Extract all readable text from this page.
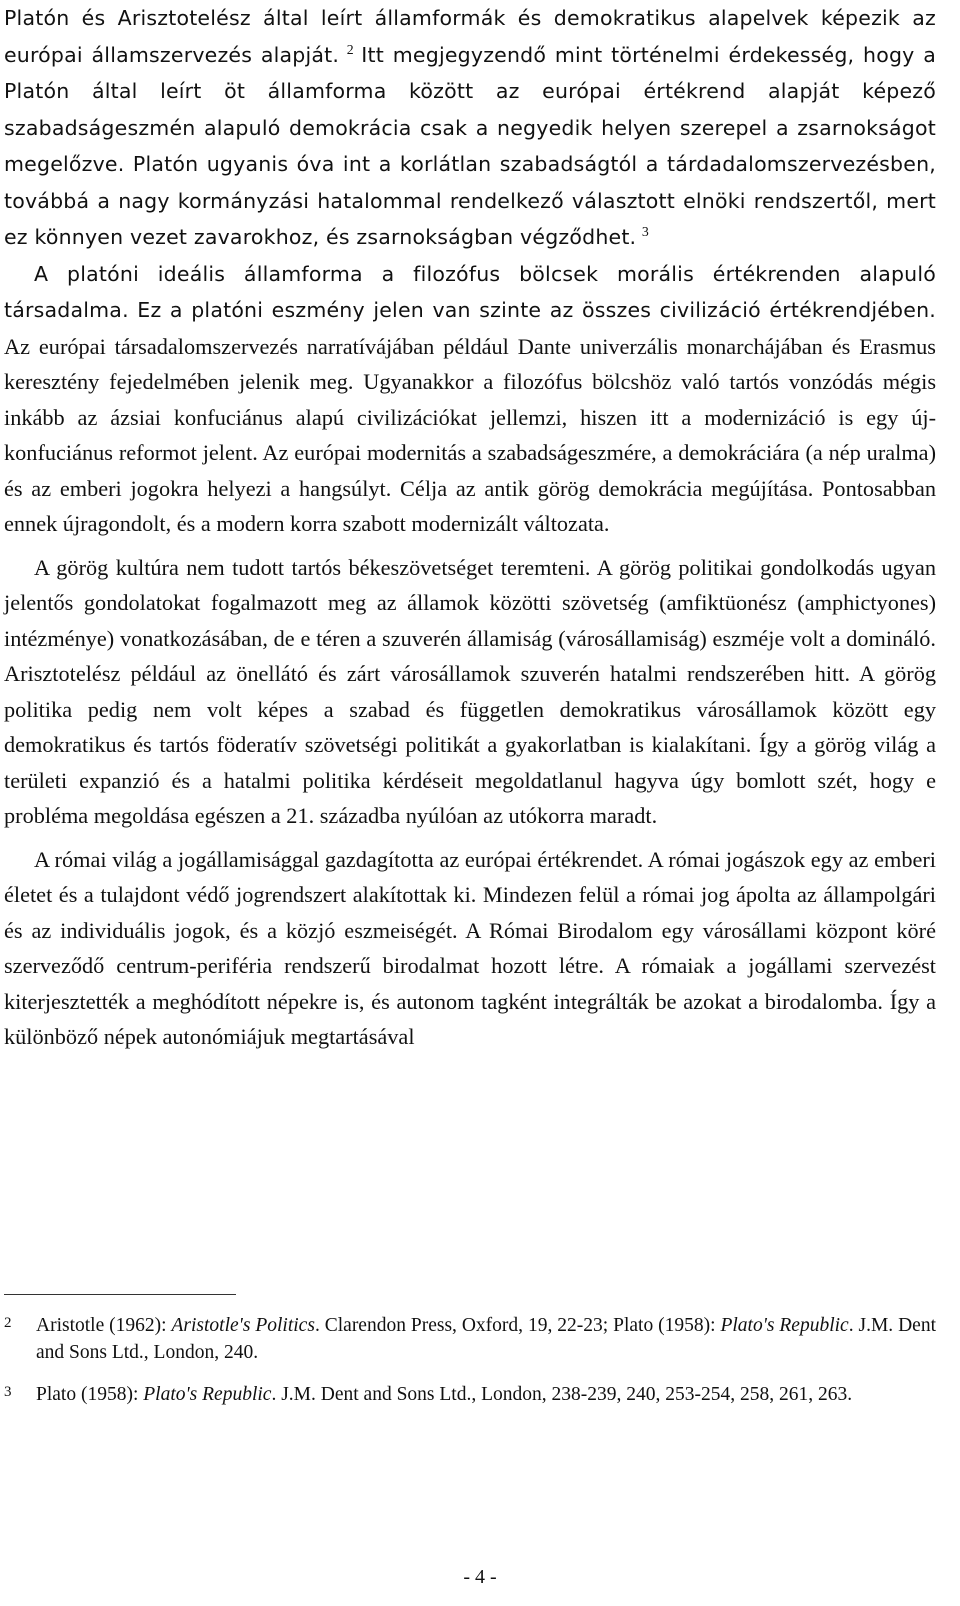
Platón és Arisztotelész által leírt államformák és demokratikus alapelvek képezik az európai államszervezés alapját. $^2$ Itt megjegyzendő mint történelmi érdekesség, hogy a Platón által leírt öt államforma között az európai értékrend alapját képező szabadságeszmén alapuló demokrácia csak a negyedik helyen szerepel a zsarnokságot megelőzve. Platón ugyanis óva int a korlátlan szabadságtól a tárdadalomszervezésben, továbbá a nagy kormányzási hatalommal rendelkező választott elnöki rendszertől, mert ez könnyen vezet zavarokhoz, és zsarnokságban végződhet. $^3$

A platóni ideális államforma a filozófus bölcsek morális értékrenden alapuló társadalma. Ez a platóni eszmény jelen van szinte az összes civilizáció értékrendjében. Az európai társadalomszervezés narratívájában például Dante univerzális monarchájában és Erasmus keresztény fejedelmében jelenik meg. Ugyanakkor a filozófus bölcshöz való tartós vonzódás mégis inkább az ázsiai konfuciánus alapú civilizációkat jellemzi, hiszen itt a modernizáció is egy új-konfuciánus reformot jelent. Az európai modernitás a szabadságeszmére, a demokráciára (a nép uralma) és az emberi jogokra helyezi a hangsúlyt. Célja az antik görög demokrácia megújítása. Pontosabban ennek újragondolt, és a modern korra szabott modernizált változata.

A görög kultúra nem tudott tartós békeszövetséget teremteni. A görög politikai gondolkodás ugyan jelentős gondolatokat fogalmazott meg az államok közötti szövetség (amfiktüonész (amphictyones) intézménye) vonatkozásában, de e téren a szuverén államiság (városállamiság) eszméje volt a domináló. Arisztotelész például az önellátó és zárt városállamok szuverén hatalmi rendszerében hitt. A görög politika pedig nem volt képes a szabad és független demokratikus városállamok között egy demokratikus és tartós föderatív szövetségi politikát a gyakorlatban is kialakítani. Így a görög világ a területi expanzió és a hatalmi politika kérdéseit megoldatlanul hagyva úgy bomlott szét, hogy e probléma megoldása egészen a 21. századba nyúlóan az utókorra maradt.

A római világ a jogállamisággal gazdagította az európai értékrendet. A római jogászok egy az emberi életet és a tulajdont védő jogrendszert alakítottak ki. Mindezen felül a római jog ápolta az állampolgári és az individuális jogok, és a közjó eszmeiségét. A Római Birodalom egy városállami központ köré szerveződő centrum-periféria rendszerű birodalmat hozott létre. A rómaiak a jogállami szervezést kiterjesztették a meghódított népekre is, és autonom tagként integrálták be azokat a birodalomba. Így a különböző népek autonómiájuk megtartásával

2	Aristotle (1962): Aristotle's Politics. Clarendon Press, Oxford, 19, 22-23; Plato (1958): Plato's Republic. J.M. Dent and Sons Ltd., London, 240.
3	Plato (1958): Plato's Republic. J.M. Dent and Sons Ltd., London, 238-239, 240, 253-254, 258, 261, 263.
- 4 -
